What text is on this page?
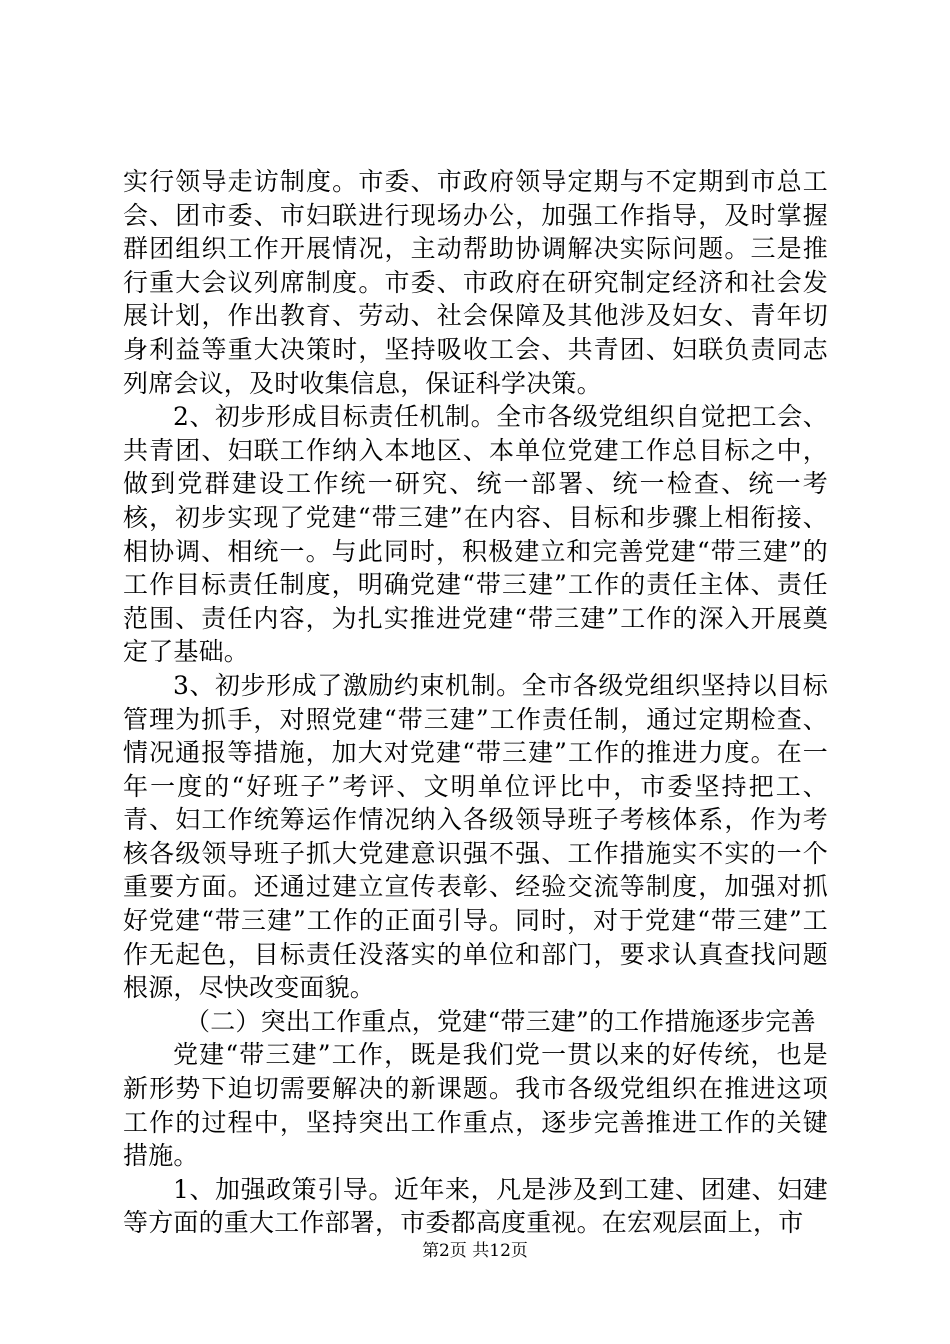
实行领导走访制度。市委、市政府领导定期与不定期到市总工会、团市委、市妇联进行现场办公，加强工作指导，及时掌握群团组织工作开展情况，主动帮助协调解决实际问题。三是推行重大会议列席制度。市委、市政府在研究制定经济和社会发展计划，作出教育、劳动、社会保障及其他涉及妇女、青年切身利益等重大决策时，坚持吸收工会、共青团、妇联负责同志列席会议，及时收集信息，保证科学决策。

2、初步形成目标责任机制。全市各级党组织自觉把工会、共青团、妇联工作纳入本地区、本单位党建工作总目标之中，做到党群建设工作统一研究、统一部署、统一检查、统一考核，初步实现了党建“带三建”在内容、目标和步骤上相衔接、相协调、相统一。与此同时，积极建立和完善党建“带三建”的工作目标责任制度，明确党建“带三建”工作的责任主体、责任范围、责任内容，为扎实推进党建“带三建”工作的深入开展奠定了基础。

3、初步形成了激励约束机制。全市各级党组织坚持以目标管理为抓手，对照党建“带三建”工作责任制，通过定期检查、情况通报等措施，加大对党建“带三建”工作的推进力度。在一年一度的“好班子”考评、文明单位评比中，市委坚持把工、青、妇工作统筹运作情况纳入各级领导班子考核体系，作为考核各级领导班子抓大党建意识强不强、工作措施实不实的一个重要方面。还通过建立宣传表彰、经验交流等制度，加强对抓好党建“带三建”工作的正面引导。同时，对于党建“带三建”工作无起色，目标责任没落实的单位和部门，要求认真查找问题根源，尽快改变面貌。

（二）突出工作重点，党建“带三建”的工作措施逐步完善

党建“带三建”工作，既是我们党一贯以来的好传统，也是新形势下迫切需要解决的新课题。我市各级党组织在推进这项工作的过程中，坚持突出工作重点，逐步完善推进工作的关键措施。

1、加强政策引导。近年来，凡是涉及到工建、团建、妇建等方面的重大工作部署，市委都高度重视。在宏观层面上，市

第2页 共12页
